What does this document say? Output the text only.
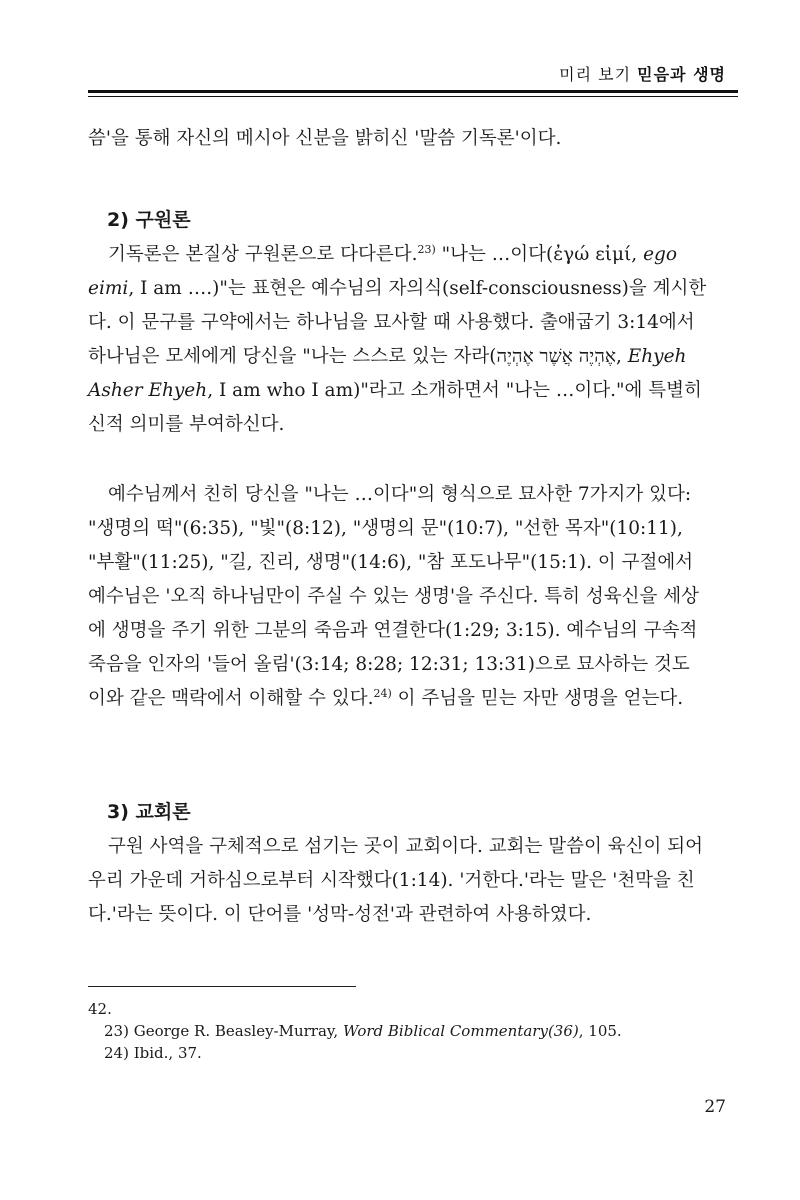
미리 보기 믿음과 생명

씀'을 통해 자신의 메시아 신분을 밝히신 '말씀 기독론'이다.

2) 구원론

기독론은 본질상 구원론으로 다다른다.$^{23)}$ "나는 …이다(ἐγώ εἰμί, ego eimi, I am ….)"는 표현은 예수님의 자의식(self-consciousness)을 계시한다. 이 문구를 구약에서는 하나님을 묘사할 때 사용했다. 출애굽기 3:14에서 하나님은 모세에게 당신을 "나는 스스로 있는 자라(אֶהְיֶה אֲשֶׁר אֶהְיֶה, Ehyeh Asher Ehyeh, I am who I am)"라고 소개하면서 "나는 …이다."에 특별히 신적 의미를 부여하신다.

예수님께서 친히 당신을 "나는 …이다"의 형식으로 묘사한 7가지가 있다: "생명의 떡"(6:35), "빛"(8:12), "생명의 문"(10:7), "선한 목자"(10:11), "부활"(11:25), "길, 진리, 생명"(14:6), "참 포도나무"(15:1). 이 구절에서 예수님은 '오직 하나님만이 주실 수 있는 생명'을 주신다. 특히 성육신을 세상에 생명을 주기 위한 그분의 죽음과 연결한다(1:29; 3:15). 예수님의 구속적 죽음을 인자의 '들어 올림'(3:14; 8:28; 12:31; 13:31)으로 묘사하는 것도 이와 같은 맥락에서 이해할 수 있다.$^{24)}$ 이 주님을 믿는 자만 생명을 얻는다.

3) 교회론

구원 사역을 구체적으로 섬기는 곳이 교회이다. 교회는 말씀이 육신이 되어 우리 가운데 거하심으로부터 시작했다(1:14). '거한다.'라는 말은 '천막을 친다.'라는 뜻이다. 이 단어를 '성막-성전'과 관련하여 사용하였다.

42.
23) George R. Beasley-Murray, Word Biblical Commentary(36), 105.
24) Ibid., 37.
27
